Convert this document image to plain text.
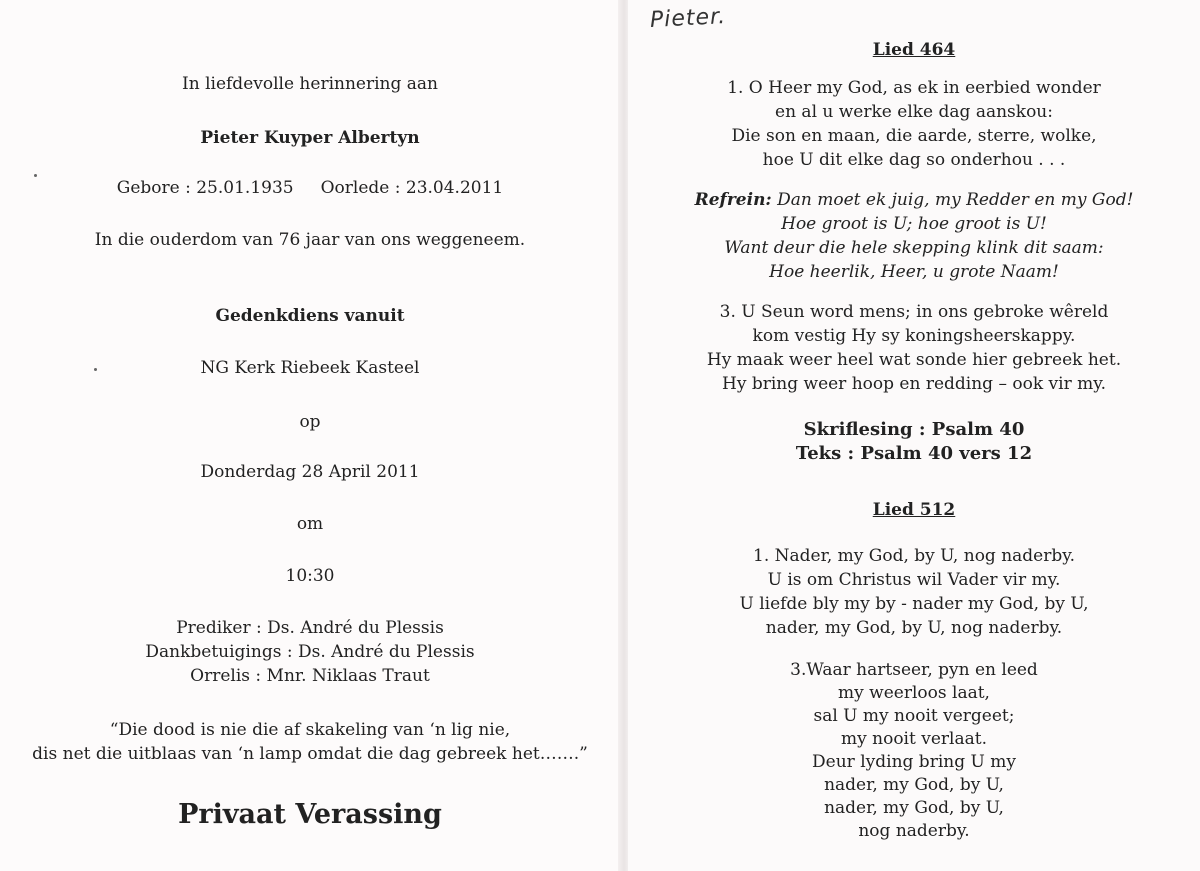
In liefdevolle herinnering aan
Pieter Kuyper Albertyn
Gebore : 25.01.1935     Oorlede : 23.04.2011
In die ouderdom van 76 jaar van ons weggeneem.
Gedenkdiens vanuit
NG Kerk Riebeek Kasteel
op
Donderdag 28 April 2011
om
10:30
Prediker : Ds. André du Plessis
Dankbetuigings : Ds. André du Plessis
Orrelis : Mnr. Niklaas Traut
“Die dood is nie die af skakeling van ‘n lig nie,
dis net die uitblaas van ‘n lamp omdat die dag gebreek het…….”
Privaat Verassing
Pieter.
Lied 464
1. O Heer my God, as ek in eerbied wonder
en al u werke elke dag aanskou:
Die son en maan, die aarde, sterre, wolke,
hoe U dit elke dag so onderhou . . .
Refrein: Dan moet ek juig, my Redder en my God!
Hoe groot is U; hoe groot is U!
Want deur die hele skepping klink dit saam:
Hoe heerlik, Heer, u grote Naam!
3. U Seun word mens; in ons gebroke wêreld
kom vestig Hy sy koningsheerskappy.
Hy maak weer heel wat sonde hier gebreek het.
Hy bring weer hoop en redding – ook vir my.
Skriflesing : Psalm 40
Teks : Psalm 40 vers 12
Lied 512
1. Nader, my God, by U, nog naderby.
U is om Christus wil Vader vir my.
U liefde bly my by - nader my God, by U,
nader, my God, by U, nog naderby.
3.Waar hartseer, pyn en leed
my weerloos laat,
sal U my nooit vergeet;
my nooit verlaat.
Deur lyding bring U my
nader, my God, by U,
nader, my God, by U,
nog naderby.
